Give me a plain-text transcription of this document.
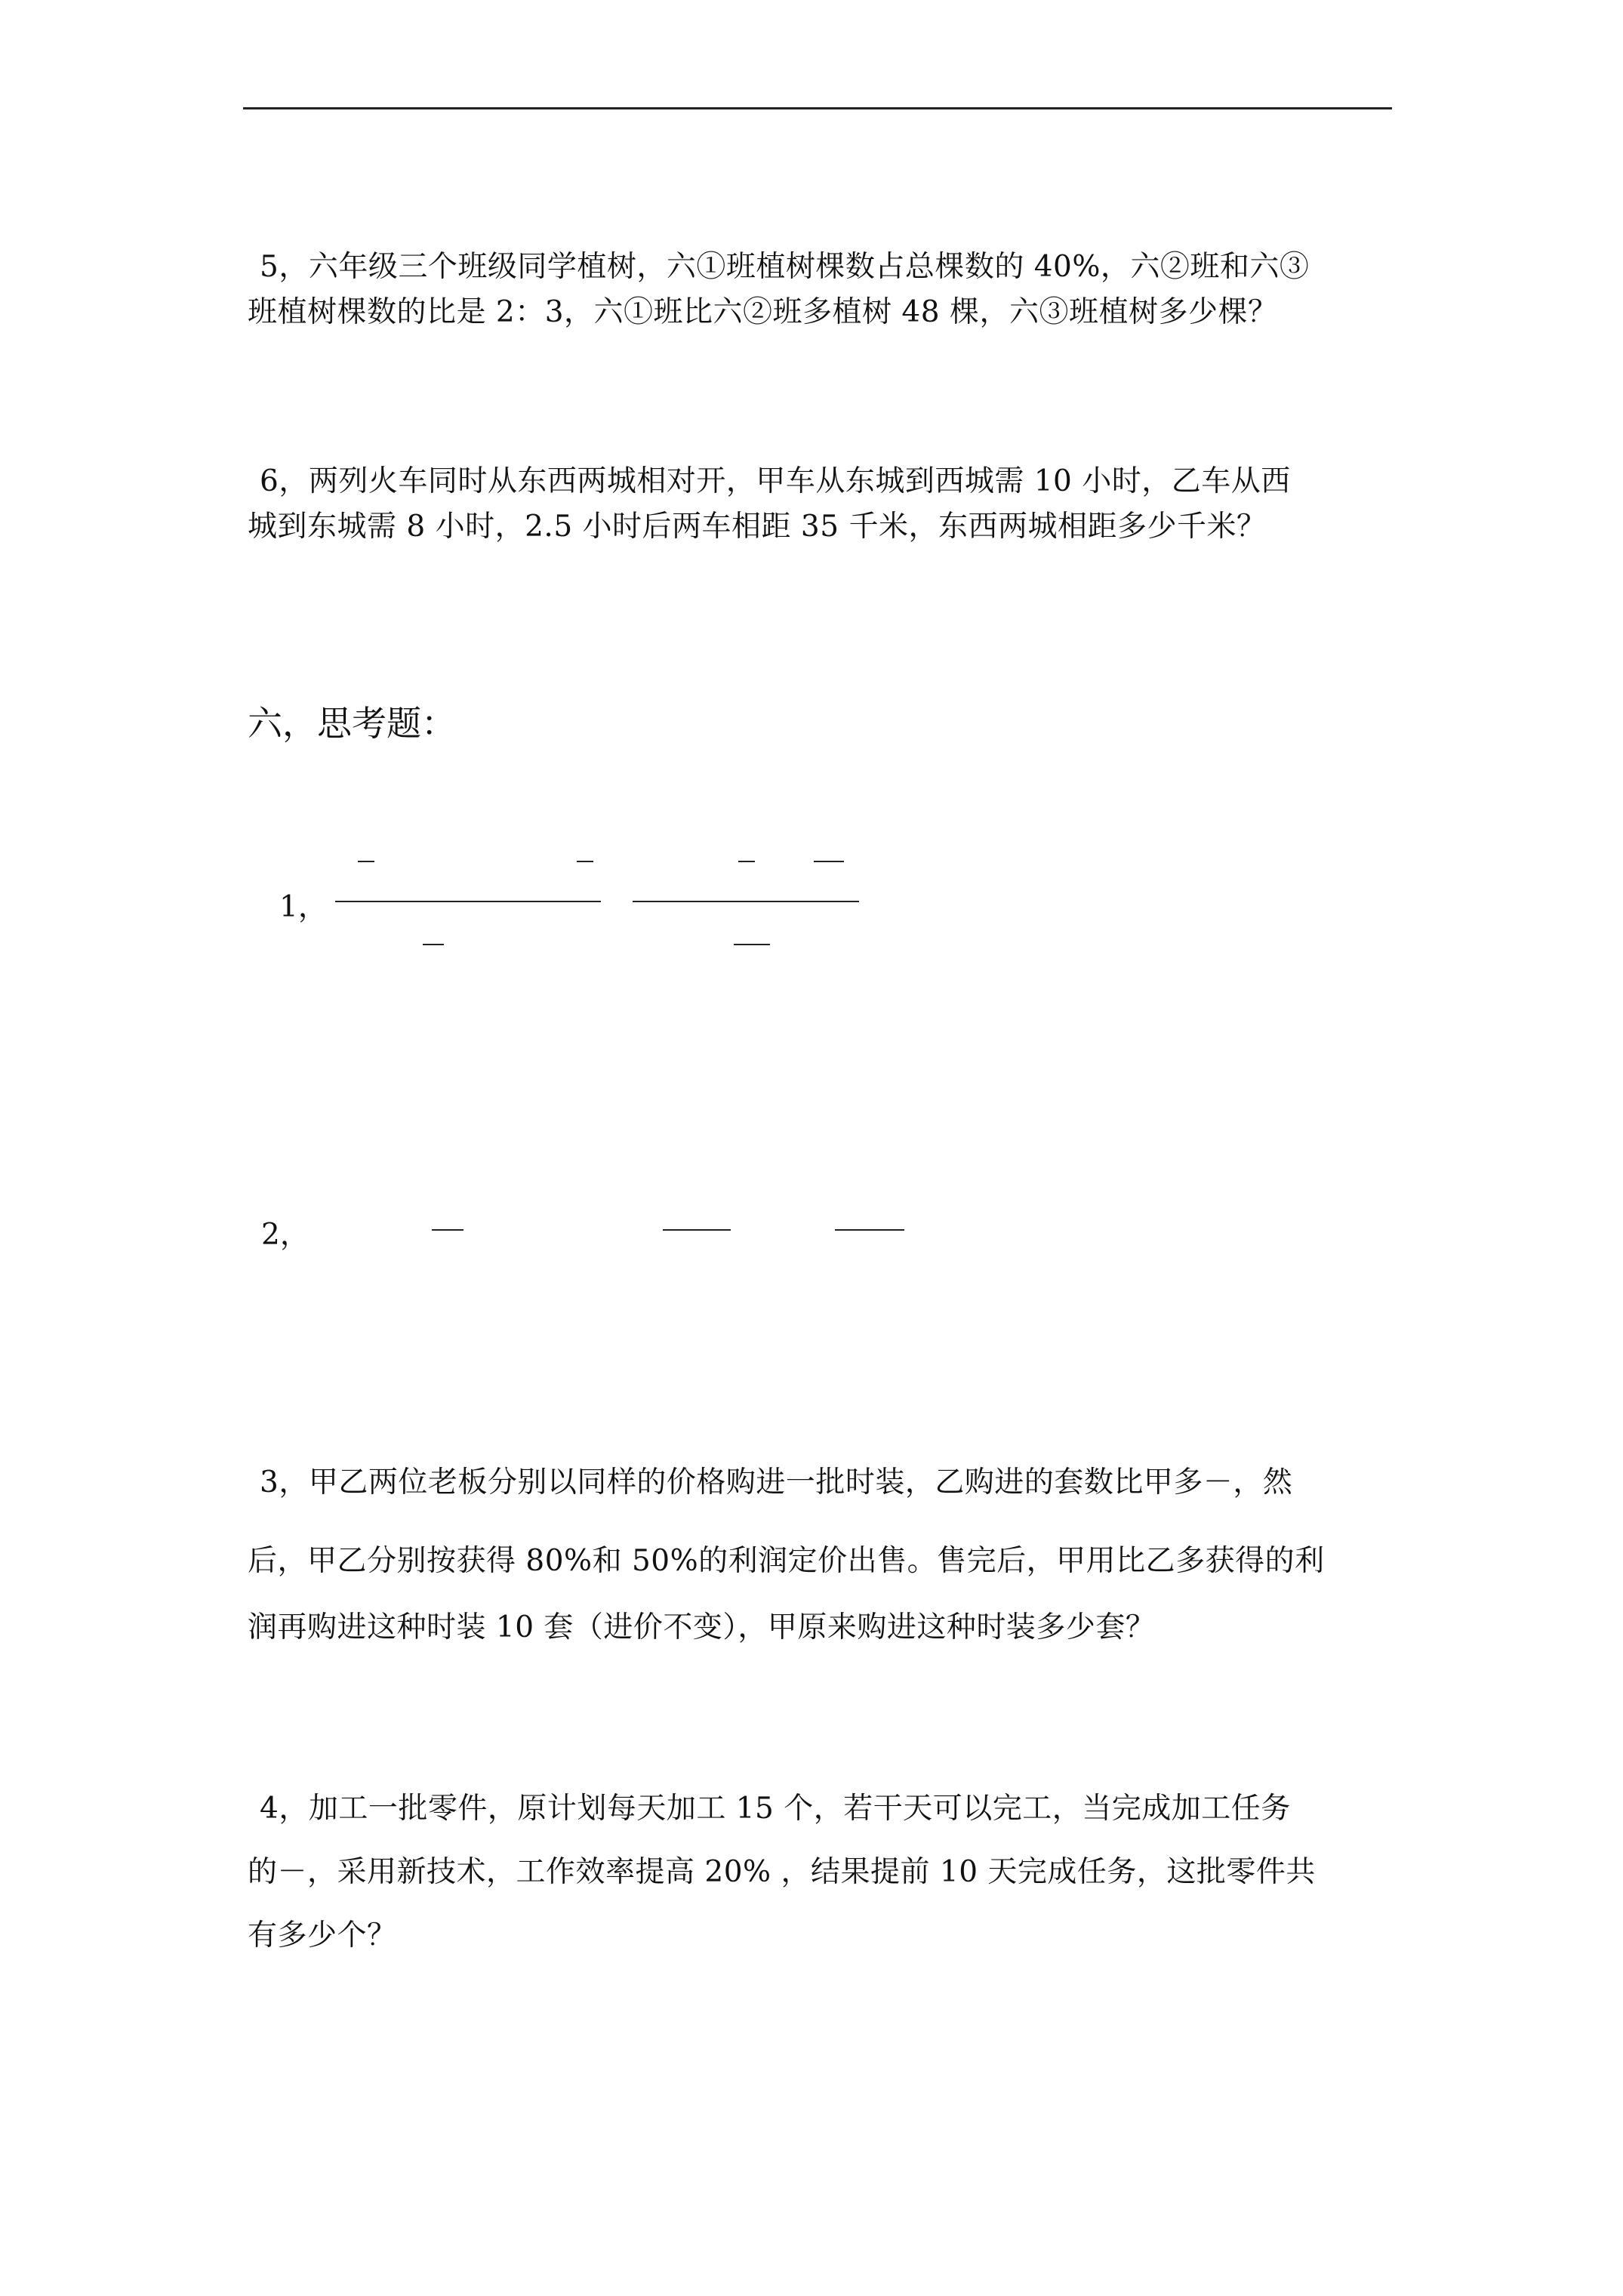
5，六年级三个班级同学植树，六①班植树棵数占总棵数的 40%，六②班和六③
班植树棵数的比是 2：3，六①班比六②班多植树 48 棵，六③班植树多少棵？
6，两列火车同时从东西两城相对开，甲车从东城到西城需 10 小时，乙车从西
城到东城需 8 小时，2.5 小时后两车相距 35 千米，东西两城相距多少千米？
六，思考题：
1，
2，
3，甲乙两位老板分别以同样的价格购进一批时装，乙购进的套数比甲多－，然
后，甲乙分别按获得 80%和 50%的利润定价出售。售完后，甲用比乙多获得的利
润再购进这种时装 10 套（进价不变），甲原来购进这种时装多少套？
4，加工一批零件，原计划每天加工 15 个，若干天可以完工，当完成加工任务
的－，采用新技术，工作效率提高 20% ，结果提前 10 天完成任务，这批零件共
有多少个？
